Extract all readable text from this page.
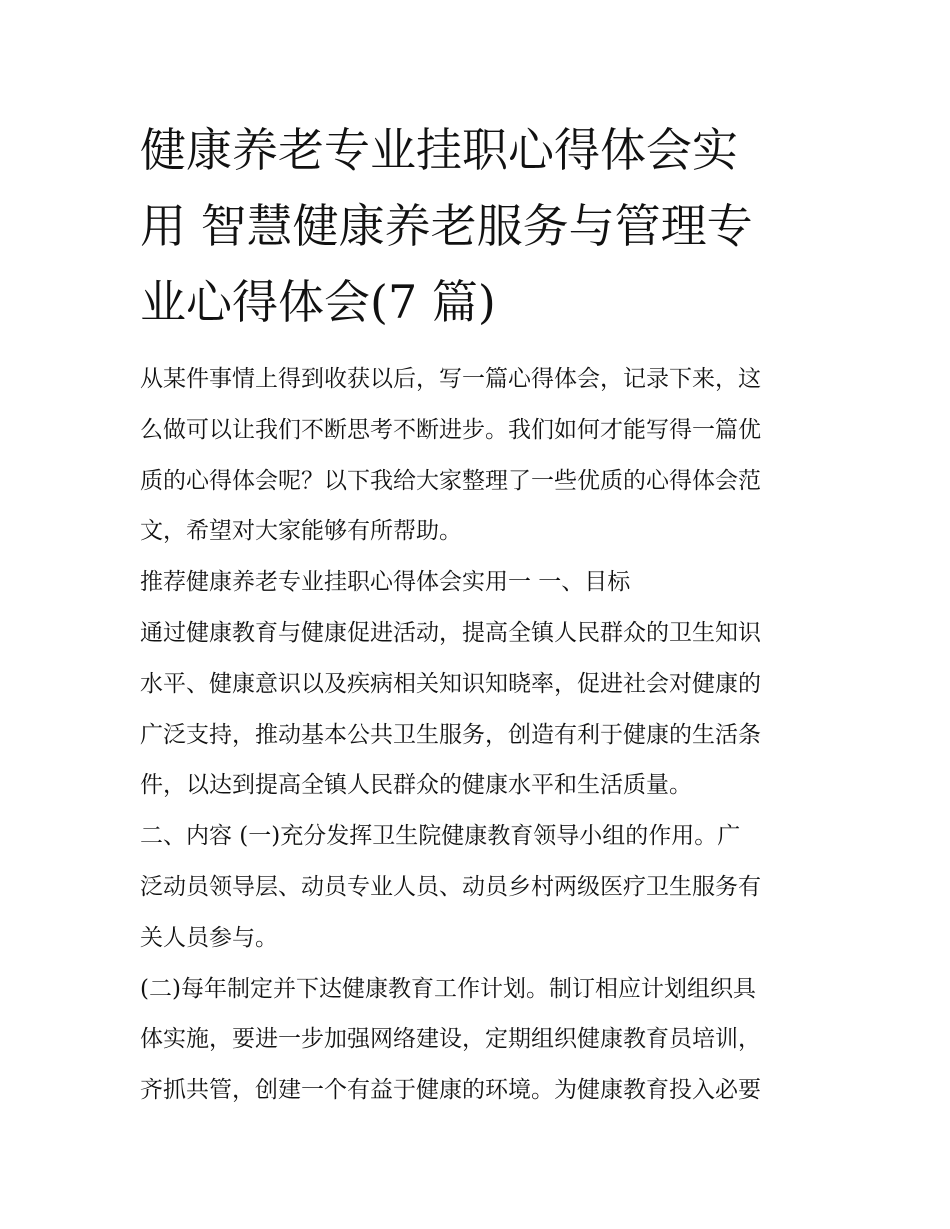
健康养老专业挂职心得体会实
用 智慧健康养老服务与管理专
业心得体会(7 篇)
从某件事情上得到收获以后，写一篇心得体会，记录下来，这
么做可以让我们不断思考不断进步。我们如何才能写得一篇优
质的心得体会呢？以下我给大家整理了一些优质的心得体会范
文，希望对大家能够有所帮助。
推荐健康养老专业挂职心得体会实用一 一、目标
通过健康教育与健康促进活动，提高全镇人民群众的卫生知识
水平、健康意识以及疾病相关知识知晓率，促进社会对健康的
广泛支持，推动基本公共卫生服务，创造有利于健康的生活条
件，以达到提高全镇人民群众的健康水平和生活质量。
二、内容 (一)充分发挥卫生院健康教育领导小组的作用。广
泛动员领导层、动员专业人员、动员乡村两级医疗卫生服务有
关人员参与。
(二)每年制定并下达健康教育工作计划。制订相应计划组织具
体实施，要进一步加强网络建设，定期组织健康教育员培训，
齐抓共管，创建一个有益于健康的环境。为健康教育投入必要
